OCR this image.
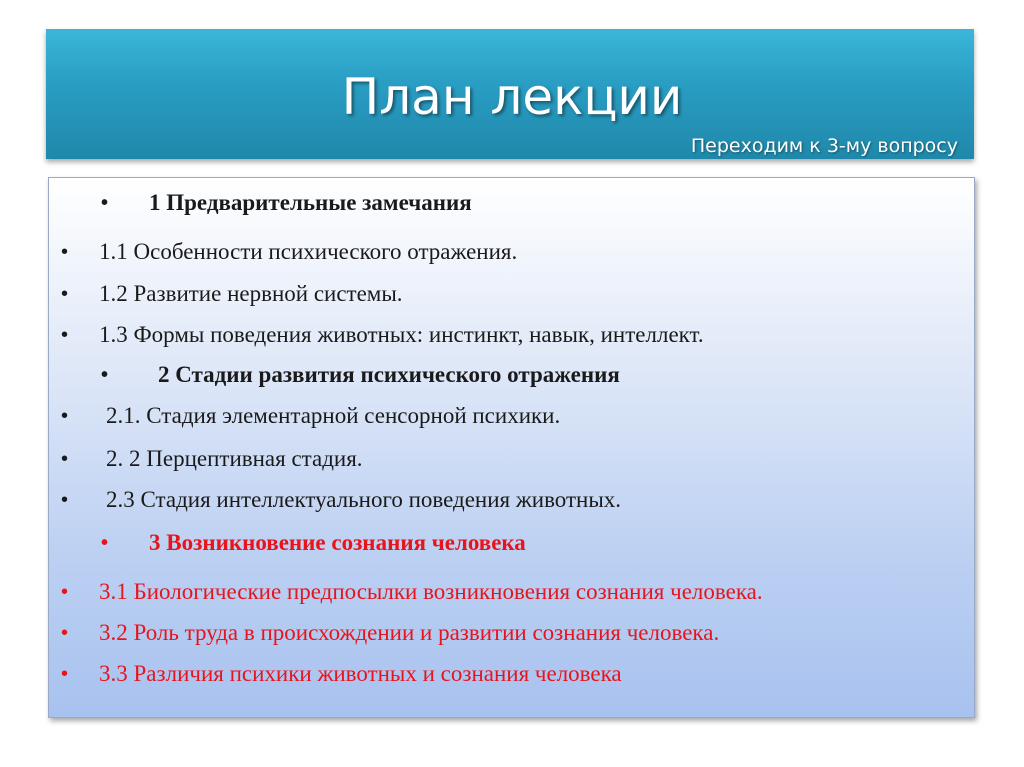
План лекции
Переходим к 3-му вопросу
• 1 Предварительные замечания
• 1.1 Особенности психического отражения.
• 1.2 Развитие нервной системы.
• 1.3 Формы поведения животных: инстинкт, навык, интеллект.
• 2 Стадии развития психического отражения
• 2.1. Стадия элементарной сенсорной психики.
• 2. 2 Перцептивная стадия.
• 2.3 Стадия интеллектуального поведения животных.
• 3 Возникновение сознания человека
• 3.1 Биологические предпосылки возникновения сознания человека.
• 3.2 Роль труда в происхождении и развитии сознания человека.
• 3.3 Различия психики животных и сознания человека
